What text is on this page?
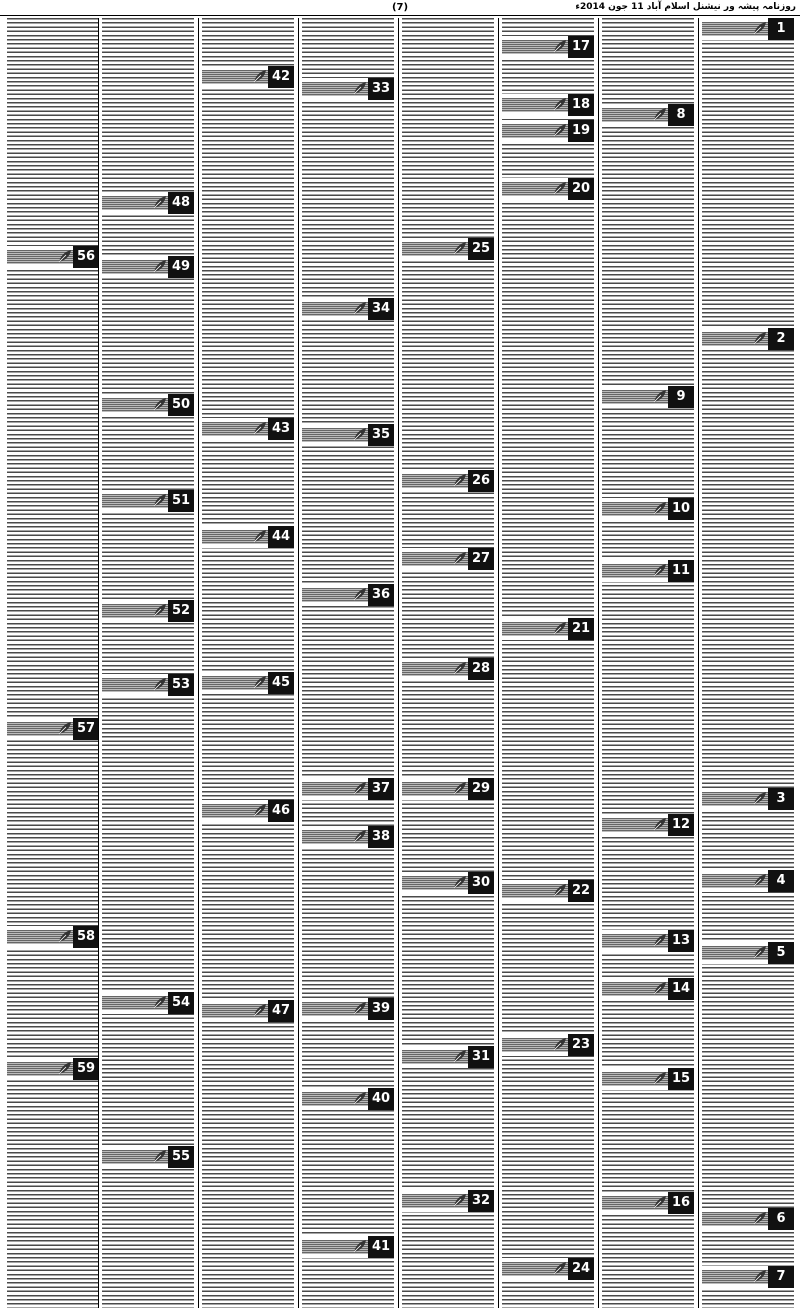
(7)	روزنامہ پیشہ ور نیشنل اسلام آباد 11 جون 2014ء
1
2
3
4
5
6
7
8
9
10
11
12
13
14
15
16
17
18
19
20
21
22
23
24
25
26
27
28
29
30
31
32
33
34
35
36
37
38
39
40
41
42
43
44
45
46
47
48
49
50
51
52
53
54
55
56
57
58
59
